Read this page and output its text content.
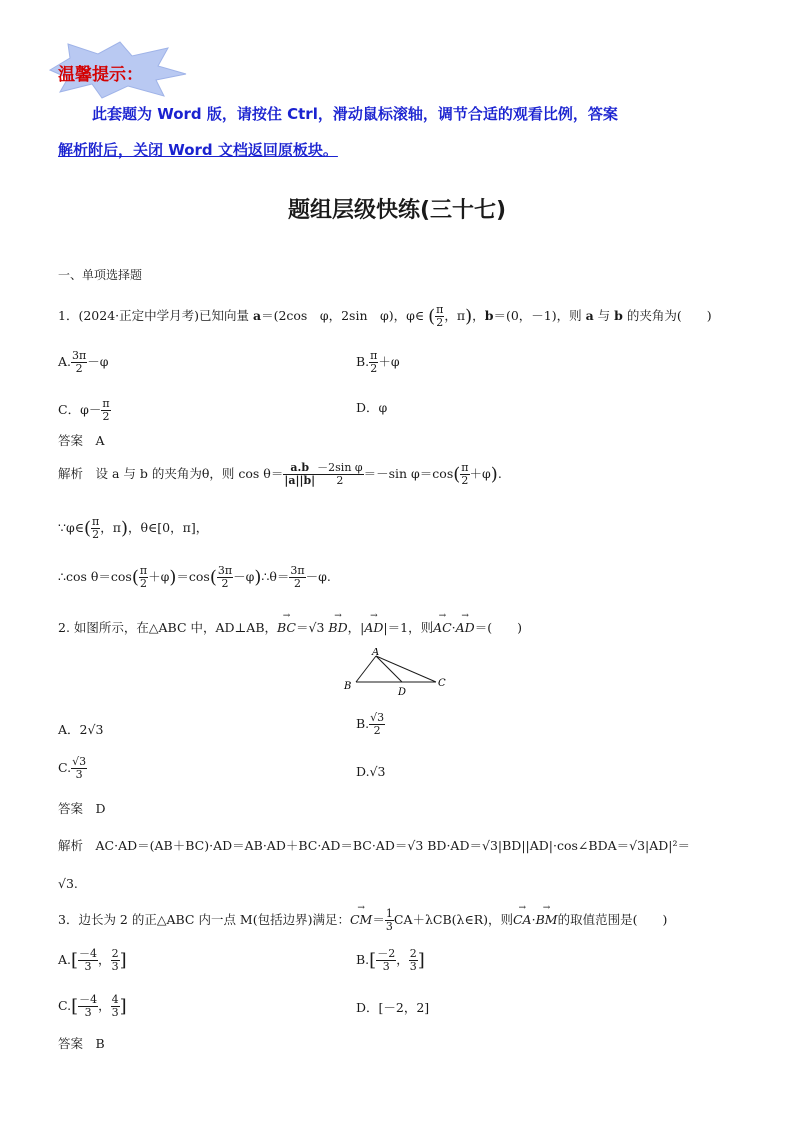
温馨提示：
此套题为 Word 版，请按住 Ctrl，滑动鼠标滚轴，调节合适的观看比例，答案
解析附后，关闭 Word 文档返回原板块。
题组层级快练(三十七)
一、单项选择题
1．(2024·正定中学月考)已知向量 a＝(2cos　φ，2sin　φ)，φ∈ ( $\frac{\pi}{2}$ ，π)，b＝(0，－1)，则 a 与 b 的夹角为(　　)
A. $\frac{3\pi}{2} -\varphi$	B. $\frac{\pi}{2} +\varphi$
C．$\varphi- \frac{\pi}{2}$	D．φ
答案　 A
解析　 设 a 与 b 的夹角为θ，则 $\cos \theta= \frac{a.b}{|a||b|} \frac{\text{－2sin φ}}{2} =-\sin$ $\varphi=\cos( \frac{\pi}{2} +\varphi)$.
∵φ∈( $\frac{\pi}{2}$ ，π)，θ∈[0，π]，
∴cos $\theta=\cos( \frac{\pi}{2} +\varphi)=\cos( \frac{3\pi}{2}$ －φ)∴θ＝ $\frac{3\pi}{2} -\varphi$.
2. 如图所示，在△ABC 中，AD⊥AB，→ BC＝√3 → BD，|→ AD|＝1，则→ AC·→ AD＝(　　)
A
B	C
D
A．2√3	B. $\frac{√3}{2}$
C. $\frac{√3}{3}$	D.√3
答案　 D
解析　 AC·AD＝(AB＋BC)·AD＝AB·AD＋BC·AD＝BC·AD＝√3 BD·AD＝√3|BD||AD|·cos∠BDA＝√3|AD|²＝
√3.
3．边长为 2 的正△ABC 内一点 M(包括边界)满足：→ $CM= \frac{1}{3}$ CA＋λCB(λ∈R)，则→ CA·→ BM的取值范围是(　　)
$A.[ \frac{-4}{3}$ ， $\frac{2}{3}$ ]	$B.[ \frac{-2}{3}$ ， $\frac{2}{3}$ ]
$C.[ \frac{-4}{3}$ ， $\frac{4}{3}$ ]	D．[－2，2]
答案　 B
